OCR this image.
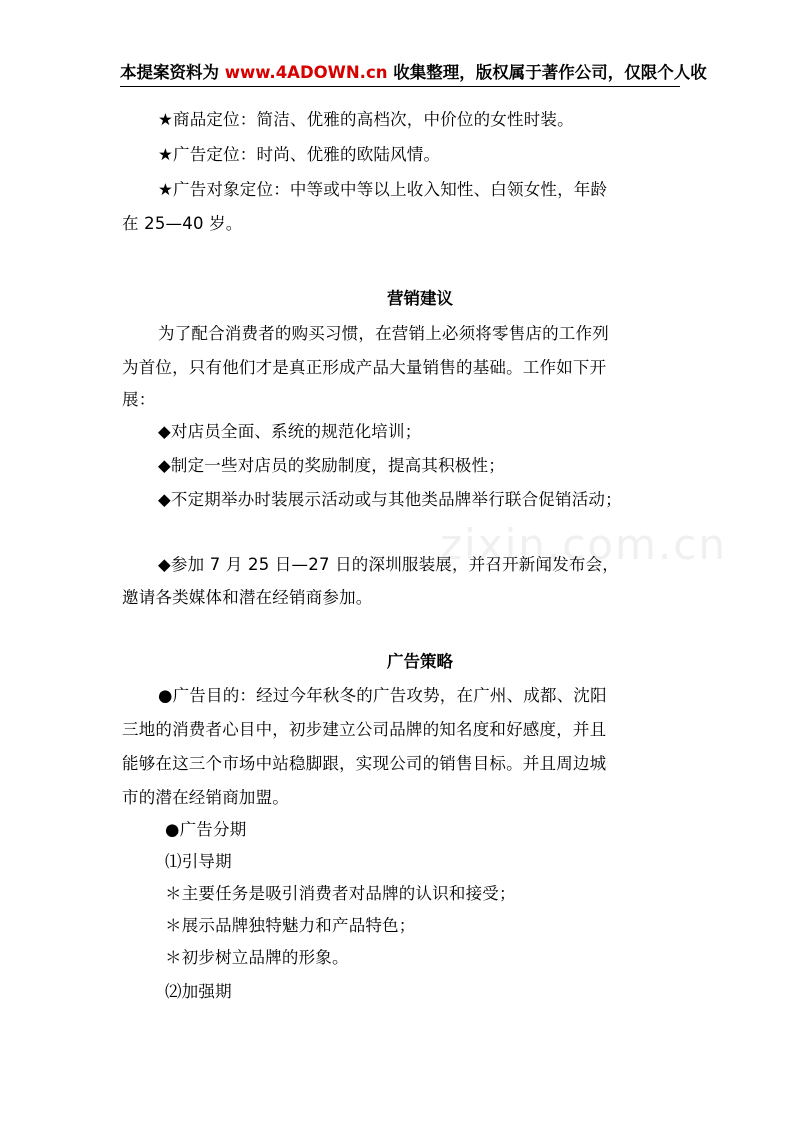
本提案资料为 www.4ADOWN.cn 收集整理，版权属于著作公司，仅限个人收
zixin.com.cn
★商品定位：简洁、优雅的高档次，中价位的女性时装。
★广告定位：时尚、优雅的欧陆风情。
★广告对象定位：中等或中等以上收入知性、白领女性，年龄
在 25—40 岁。
营销建议
为了配合消费者的购买习惯，在营销上必须将零售店的工作列
为首位，只有他们才是真正形成产品大量销售的基础。工作如下开
展：
◆对店员全面、系统的规范化培训；
◆制定一些对店员的奖励制度，提高其积极性；
◆不定期举办时装展示活动或与其他类品牌举行联合促销活动；
◆参加 7 月 25 日—27 日的深圳服装展，并召开新闻发布会，
邀请各类媒体和潜在经销商参加。
广告策略
●广告目的：经过今年秋冬的广告攻势，在广州、成都、沈阳
三地的消费者心目中，初步建立公司品牌的知名度和好感度，并且
能够在这三个市场中站稳脚跟，实现公司的销售目标。并且周边城
市的潜在经销商加盟。
●广告分期
⑴引导期
＊主要任务是吸引消费者对品牌的认识和接受；
＊展示品牌独特魅力和产品特色；
＊初步树立品牌的形象。
⑵加强期
